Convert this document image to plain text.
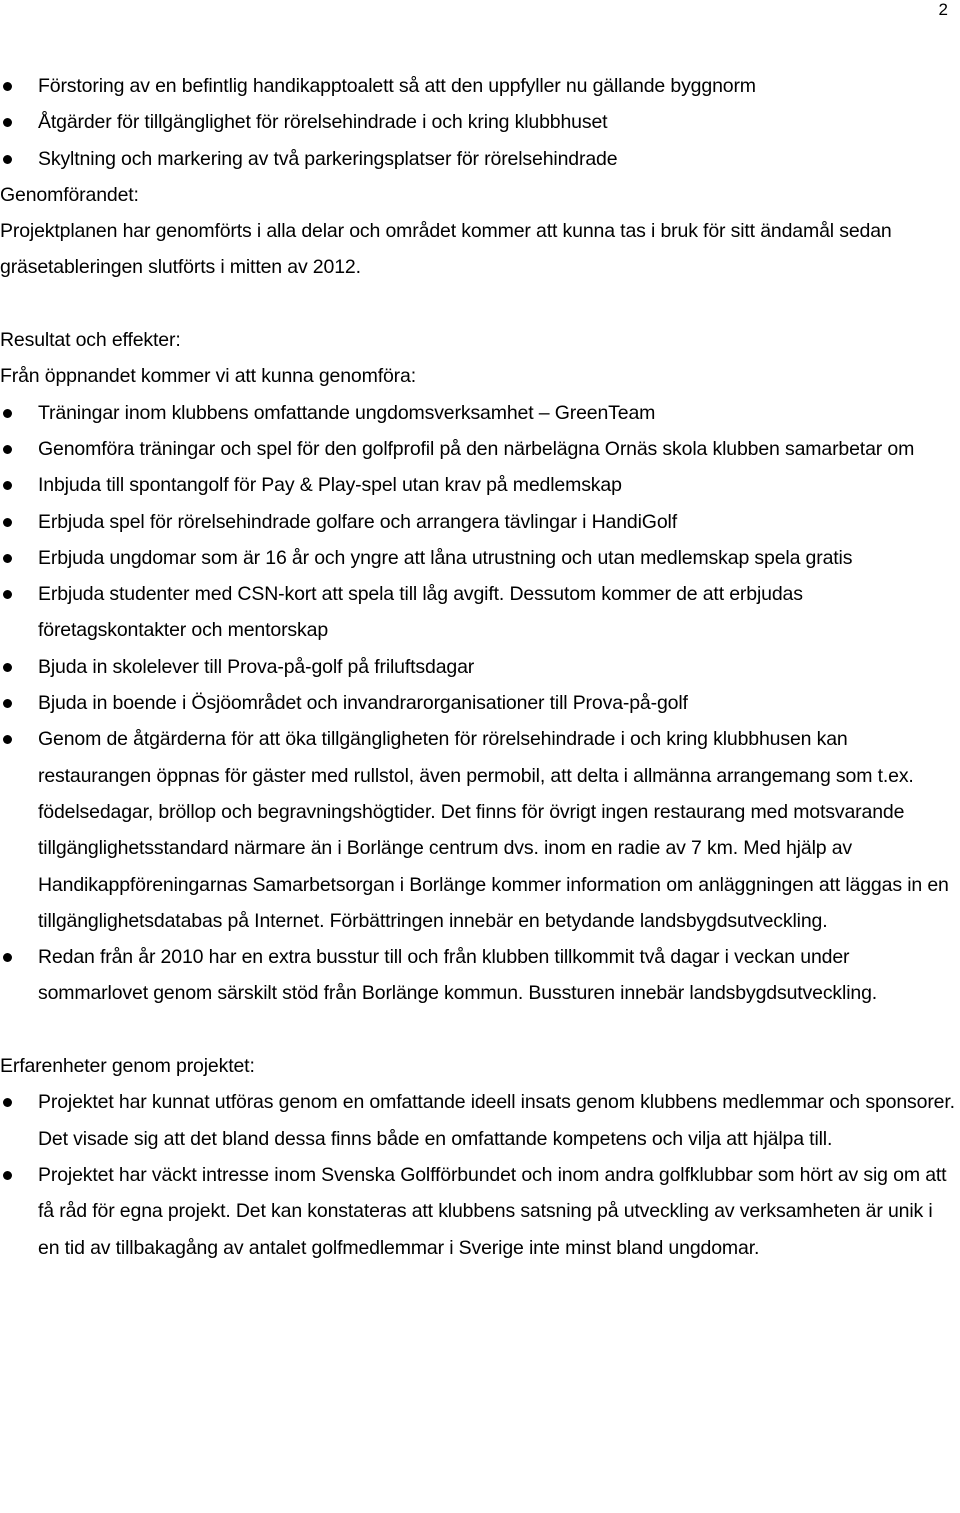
2
Förstoring av en befintlig handikapptoalett så att den uppfyller nu gällande byggnorm
Åtgärder för tillgänglighet för rörelsehindrade i och kring klubbhuset
Skyltning och markering av två parkeringsplatser för rörelsehindrade

Genomförandet:

Projektplanen har genomförts i alla delar och området kommer att kunna tas i bruk för sitt ändamål sedan gräsetableringen slutförts i mitten av 2012.

Resultat och effekter:

Från öppnandet kommer vi att kunna genomföra:

Träningar inom klubbens omfattande ungdomsverksamhet – GreenTeam
Genomföra träningar och spel för den golfprofil på den närbelägna Ornäs skola klubben samarbetar om
Inbjuda till spontangolf för Pay & Play-spel utan krav på medlemskap
Erbjuda spel för rörelsehindrade golfare och arrangera tävlingar i HandiGolf
Erbjuda ungdomar som är 16 år och yngre att låna utrustning och utan medlemskap spela gratis
Erbjuda studenter med CSN-kort att spela till låg avgift. Dessutom kommer de att erbjudas företagskontakter och mentorskap
Bjuda in skolelever till Prova-på-golf på friluftsdagar
Bjuda in boende i Ösjöområdet och invandrarorganisationer till Prova-på-golf
Genom de åtgärderna för att öka tillgängligheten för rörelsehindrade i och kring klubbhusen kan restaurangen öppnas för gäster med rullstol, även permobil, att delta i allmänna arrangemang som t.ex. födelsedagar, bröllop och begravningshögtider. Det finns för övrigt ingen restaurang med motsvarande tillgänglighetsstandard närmare än i Borlänge centrum dvs. inom en radie av 7 km. Med hjälp av Handikappföreningarnas Samarbetsorgan i Borlänge kommer information om anläggningen att läggas in en tillgänglighetsdatabas på Internet. Förbättringen innebär en betydande landsbygdsutveckling.
Redan från år 2010 har en extra busstur till och från klubben tillkommit två dagar i veckan under sommarlovet genom särskilt stöd från Borlänge kommun. Bussturen innebär landsbygdsutveckling.

Erfarenheter genom projektet:

Projektet har kunnat utföras genom en omfattande ideell insats genom klubbens medlemmar och sponsorer. Det visade sig att det bland dessa finns både en omfattande kompetens och vilja att hjälpa till.
Projektet har väckt intresse inom Svenska Golfförbundet och inom andra golfklubbar som hört av sig om att få råd för egna projekt. Det kan konstateras att klubbens satsning på utveckling av verksamheten är unik i en tid av tillbakagång av antalet golfmedlemmar i Sverige inte minst bland ungdomar.
